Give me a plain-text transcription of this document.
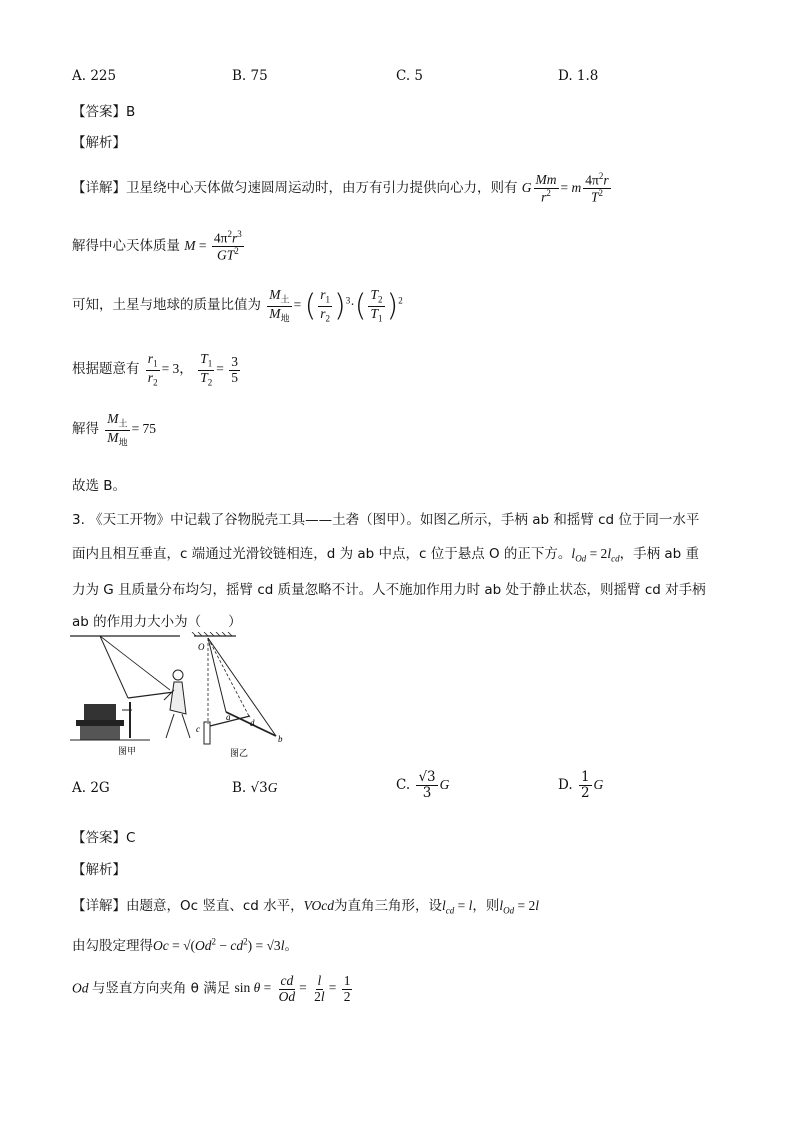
A. 225	B. 75	C. 5	D. 1.8
【答案】B
【解析】
【详解】卫星绕中心天体做匀速圆周运动时，由万有引力提供向心力，则有 G $\frac{Mm}{r^2} = m \frac{4\pi^2r}{T^2}$
解得中心天体质量 $M = \frac{4\pi^2r^3}{GT^2}$
可知，土星与地球的质量比值为 $\frac{M_土}{M_地}$ = ( $\frac{r_1}{r_2} )^3\cdot( \frac{T_2}{T_1} )^2$
根据题意有 $\frac{r_1}{r_2} = 3$， $\frac{T_1}{T_2} = \frac{3}{5}$
解得 $\frac{M_土}{M_地} = 75$
故选 B。
3. 《天工开物》中记载了谷物脱壳工具——土砻（图甲）。如图乙所示，手柄 ab 和摇臂 cd 位于同一水平
面内且相互垂直，c 端通过光滑铰链相连，d 为 ab 中点，c 位于悬点 O 的正下方。$l_{Od} = 2l_{cd}$，手柄 ab 重
力为 G 且质量分布均匀，摇臂 cd 质量忽略不计。人不施加作用力时 ab 处于静止状态，则摇臂 cd 对手柄
ab 的作用力大小为（　　）
图甲
O
a
b
c
d
图乙
A. 2G	B. √3G	C. $\frac{√3}{3}$ G	D. $\frac{1}{2}$ G
【答案】C
【解析】
【详解】由题意，Oc 竖直、cd 水平，VOcd为直角三角形，设$l_{cd} = l$，则$l_{Od} = 2l$
由勾股定理得$Oc = √(Od^2 - cd^2) = √3l$。
Od 与竖直方向夹角 θ 满足 $\sin \theta = \frac{cd}{Od} = \frac{l}{2l} = \frac{1}{2}$
